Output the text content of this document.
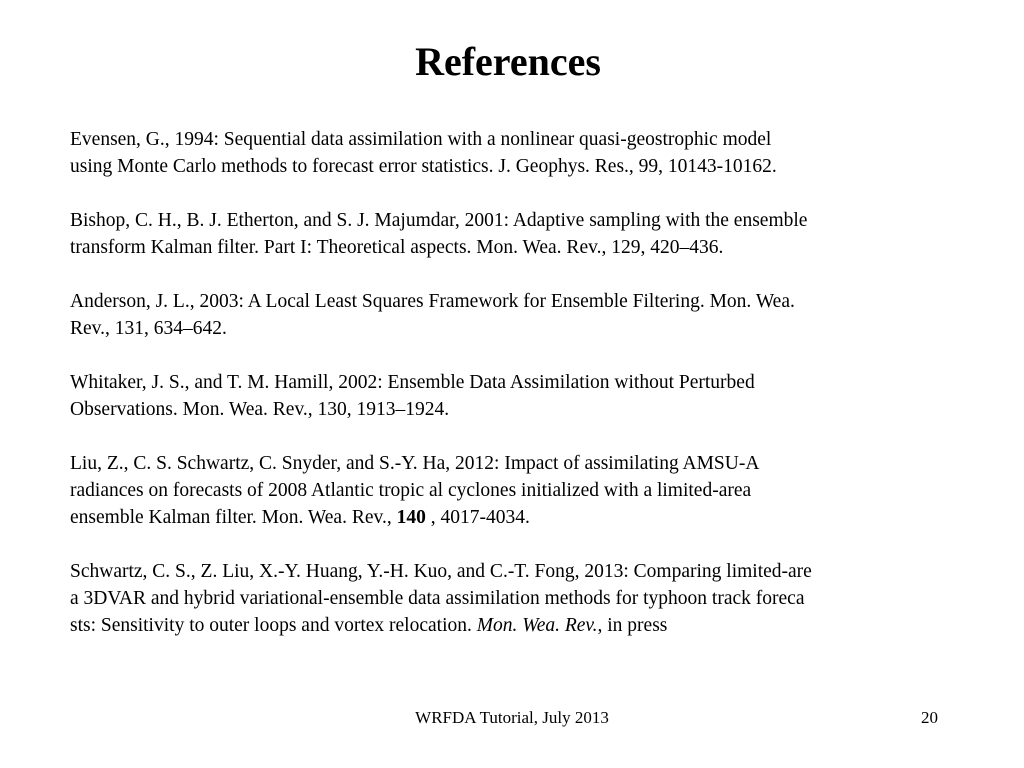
References
Evensen, G., 1994: Sequential data assimilation with a nonlinear quasi-geostrophic model
using Monte Carlo methods to forecast error statistics. J. Geophys. Res., 99, 10143-10162.
Bishop, C. H., B. J. Etherton, and S. J. Majumdar, 2001: Adaptive sampling with the ensemble
transform Kalman filter. Part I: Theoretical aspects. Mon. Wea. Rev., 129, 420–436.
Anderson, J. L., 2003: A Local Least Squares Framework for Ensemble Filtering. Mon. Wea.
Rev., 131, 634–642.
Whitaker, J. S., and T. M. Hamill, 2002: Ensemble Data Assimilation without Perturbed
Observations. Mon. Wea. Rev., 130, 1913–1924.
Liu, Z., C. S. Schwartz, C. Snyder, and S.-Y. Ha, 2012: Impact of assimilating AMSU-A
radiances on forecasts of 2008 Atlantic tropic al cyclones initialized with a limited-area
ensemble Kalman filter. Mon. Wea. Rev., 140 , 4017-4034.
Schwartz, C. S., Z. Liu, X.-Y. Huang, Y.-H. Kuo, and C.-T. Fong, 2013: Comparing limited-are
a 3DVAR and hybrid variational-ensemble data assimilation methods for typhoon track foreca
sts: Sensitivity to outer loops and vortex relocation. Mon. Wea. Rev., in press
WRFDA Tutorial, July 2013	20
